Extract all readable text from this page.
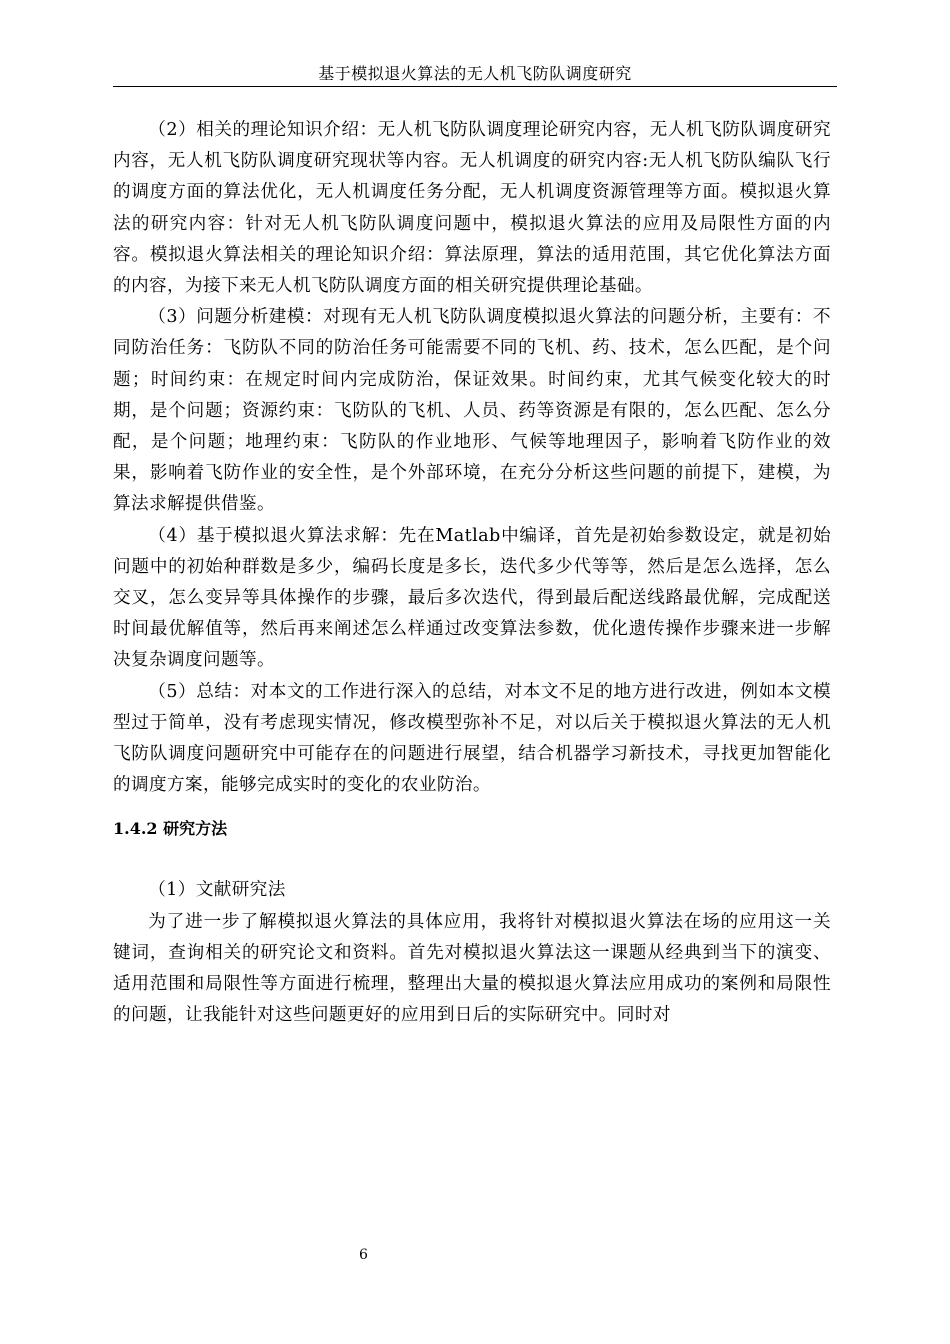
基于模拟退火算法的无人机飞防队调度研究

（2）相关的理论知识介绍：无人机飞防队调度理论研究内容，无人机飞防队调度研究内容，无人机飞防队调度研究现状等内容。无人机调度的研究内容:无人机飞防队编队飞行的调度方面的算法优化，无人机调度任务分配，无人机调度资源管理等方面。模拟退火算法的研究内容：针对无人机飞防队调度问题中，模拟退火算法的应用及局限性方面的内容。模拟退火算法相关的理论知识介绍：算法原理，算法的适用范围，其它优化算法方面的内容，为接下来无人机飞防队调度方面的相关研究提供理论基础。

（3）问题分析建模：对现有无人机飞防队调度模拟退火算法的问题分析，主要有：不同防治任务：飞防队不同的防治任务可能需要不同的飞机、药、技术，怎么匹配，是个问题；时间约束：在规定时间内完成防治，保证效果。时间约束，尤其气候变化较大的时期，是个问题；资源约束：飞防队的飞机、人员、药等资源是有限的，怎么匹配、怎么分配，是个问题；地理约束：飞防队的作业地形、气候等地理因子，影响着飞防作业的效果，影响着飞防作业的安全性，是个外部环境，在充分分析这些问题的前提下，建模，为算法求解提供借鉴。

（4）基于模拟退火算法求解：先在Matlab中编译，首先是初始参数设定，就是初始问题中的初始种群数是多少，编码长度是多长，迭代多少代等等，然后是怎么选择，怎么交叉，怎么变异等具体操作的步骤，最后多次迭代，得到最后配送线路最优解，完成配送时间最优解值等，然后再来阐述怎么样通过改变算法参数，优化遗传操作步骤来进一步解决复杂调度问题等。

（5）总结：对本文的工作进行深入的总结，对本文不足的地方进行改进，例如本文模型过于简单，没有考虑现实情况，修改模型弥补不足，对以后关于模拟退火算法的无人机飞防队调度问题研究中可能存在的问题进行展望，结合机器学习新技术，寻找更加智能化的调度方案，能够完成实时的变化的农业防治。

1.4.2 研究方法

（1）文献研究法

为了进一步了解模拟退火算法的具体应用，我将针对模拟退火算法在场的应用这一关键词，查询相关的研究论文和资料。首先对模拟退火算法这一课题从经典到当下的演变、适用范围和局限性等方面进行梳理，整理出大量的模拟退火算法应用成功的案例和局限性的问题，让我能针对这些问题更好的应用到日后的实际研究中。同时对

6
